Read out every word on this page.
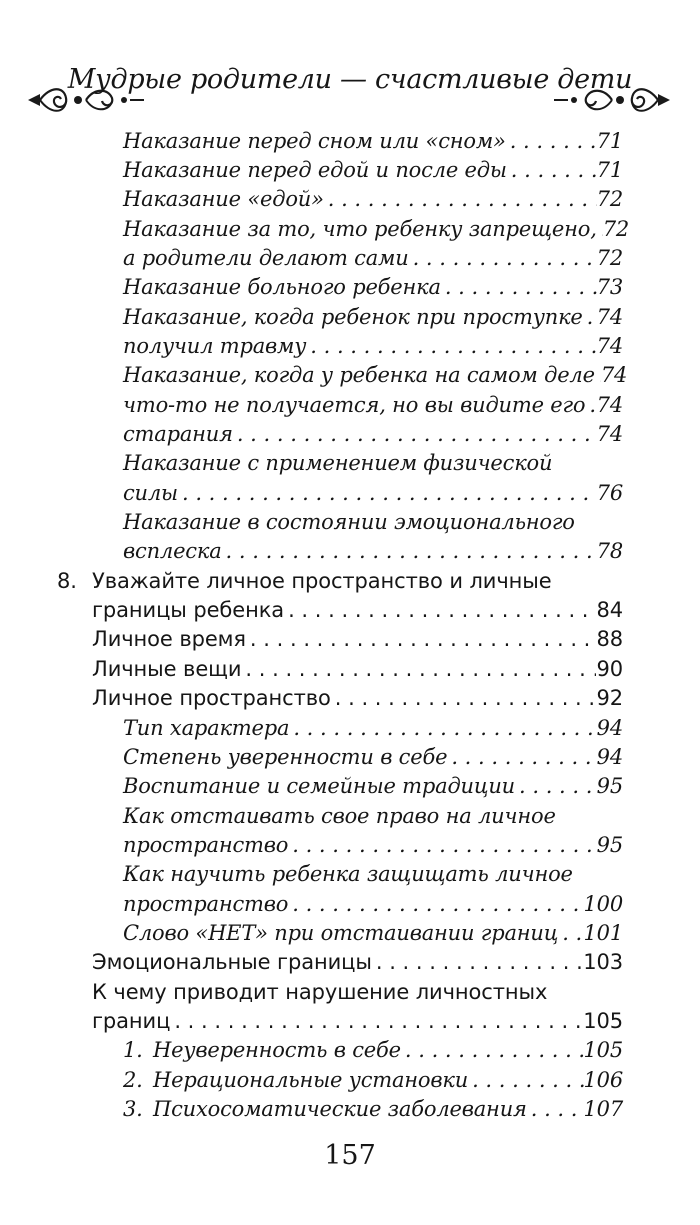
Мудрые родители — счастливые дети
Наказание перед сном или «сном» . . .	71
Наказание перед едой и после еды . . .	71
Наказание «едой» . . .	72
Наказание за то, что ребенку запрещено, . . . 72
а родители делают сами . . .	72
Наказание больного ребенка . . .	73
Наказание, когда ребенок при проступке . . . 74
получил травму . . .	74
Наказание, когда у ребенка на самом деле . . . 74
что-то не получается, но вы видите его . . . 74
старания . . .	74
Наказание с применением физической
силы . . .	76
Наказание в состоянии эмоционального
всплеска . . .	78
8. Уважайте личное пространство и личные
границы ребенка . . .	84
Личное время . . .	88
Личные вещи . . .	90
Личное пространство . . .	92
Тип характера . . .	94
Степень уверенности в себе . . .	94
Воспитание и семейные традиции . . .	95
Как отстаивать свое право на личное
пространство . . .	95
Как научить ребенка защищать личное
пространство . . .	100
Слово «НЕТ» при отстаивании границ . . . 101
Эмоциональные границы . . .	103
К чему приводит нарушение личностных
границ . . .	105
1. Неуверенность в себе . . .	105
2. Нерациональные установки . . .	106
3. Психосоматические заболевания . . .	107
157
